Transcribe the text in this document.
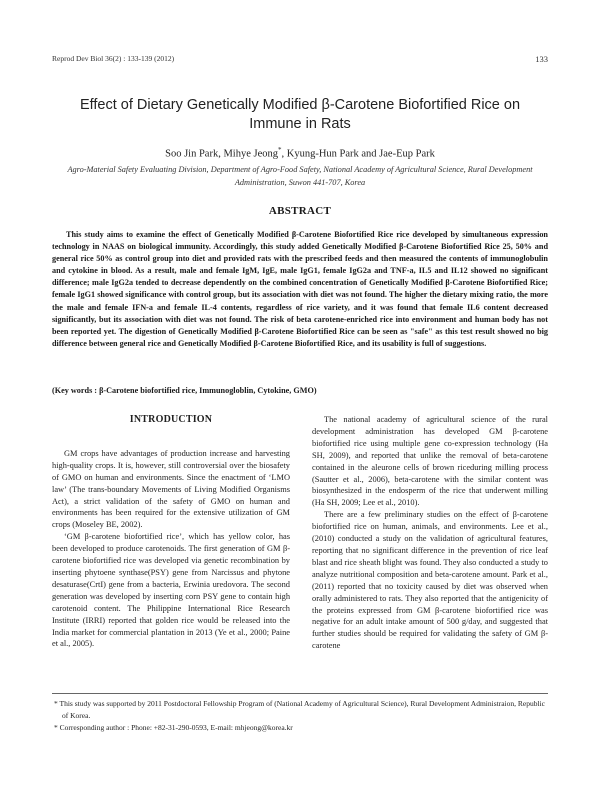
Reprod Dev Biol 36(2) : 133-139 (2012)	133
Effect of Dietary Genetically Modified β-Carotene Biofortified Rice on Immune in Rats
Soo Jin Park, Mihye Jeong*, Kyung-Hun Park and Jae-Eup Park
Agro-Material Safety Evaluating Division, Department of Agro-Food Safety, National Academy of Agricultural Science, Rural Development Administration, Suwon 441-707, Korea
ABSTRACT
This study aims to examine the effect of Genetically Modified β-Carotene Biofortified Rice rice developed by simultaneous expression technology in NAAS on biological immunity. Accordingly, this study added Genetically Modified β-Carotene Biofortified Rice 25, 50% and general rice 50% as control group into diet and provided rats with the prescribed feeds and then measured the contents of immunoglobulin and cytokine in blood. As a result, male and female IgM, IgE, male IgG1, female IgG2a and TNF-a, IL5 and IL12 showed no significant difference; male IgG2a tended to decrease dependently on the combined concentration of Genetically Modified β-Carotene Biofortified Rice; female IgG1 showed significance with control group, but its association with diet was not found. The higher the dietary mixing ratio, the more the male and female IFN-a and female IL-4 contents, regardless of rice variety, and it was found that female IL6 content decreased significantly, but its association with diet was not found. The risk of beta carotene-enriched rice into environment and human body has not been reported yet. The digestion of Genetically Modified β-Carotene Biofortified Rice can be seen as "safe" as this test result showed no big difference between general rice and Genetically Modified β-Carotene Biofortified Rice, and its usability is full of suggestions.
(Key words : β-Carotene biofortified rice, Immunogloblin, Cytokine, GMO)
INTRODUCTION

GM crops have advantages of production increase and harvesting high-quality crops. It is, however, still controversial over the biosafety of GMO on human and environments. Since the enactment of ‘LMO law’ (The trans-boundary Movements of Living Modified Organisms Act), a strict validation of the safety of GMO on human and environments has been required for the extensive utilization of GM crops (Moseley BE, 2002).

‘GM β-carotene biofortified rice’, which has yellow color, has been developed to produce carotenoids. The first generation of GM β-carotene biofortified rice was developed via genetic recombination by inserting phytoene synthase(PSY) gene from Narcissus and phytone desaturase(CrtI) gene from a bacteria, Erwinia uredovora. The second generation was developed by inserting corn PSY gene to contain high carotenoid content. The Philippine International Rice Research Institute (IRRI) reported that golden rice would be released into the India market for commercial plantation in 2013 (Ye et al., 2000; Paine et al., 2005).

The national academy of agricultural science of the rural development administration has developed GM β-carotene biofortified rice using multiple gene co-expression technology (Ha SH, 2009), and reported that unlike the removal of beta-carotene contained in the aleurone cells of brown riceduring milling process (Sautter et al., 2006), beta-carotene with the similar content was biosynthesized in the endosperm of the rice that underwent milling (Ha SH, 2009; Lee et al., 2010).

There are a few preliminary studies on the effect of β-carotene biofortified rice on human, animals, and environments. Lee et al., (2010) conducted a study on the validation of agricultural features, reporting that no significant difference in the prevention of rice leaf blast and rice sheath blight was found. They also conducted a study to analyze nutritional composition and beta-carotene amount. Park et al., (2011) reported that no toxicity caused by diet was observed when orally administered to rats. They also reported that the antigenicity of the proteins expressed from GM β-carotene biofortified rice was negative for an adult intake amount of 500 g/day, and suggested that further studies should be required for validating the safety of GM β-carotene

* This study was supported by 2011 Postdoctoral Fellowship Program of (National Academy of Agricultural Science), Rural Development Administraion, Republic of Korea.

* Corresponding author : Phone: +82-31-290-0593, E-mail: mhjeong@korea.kr
